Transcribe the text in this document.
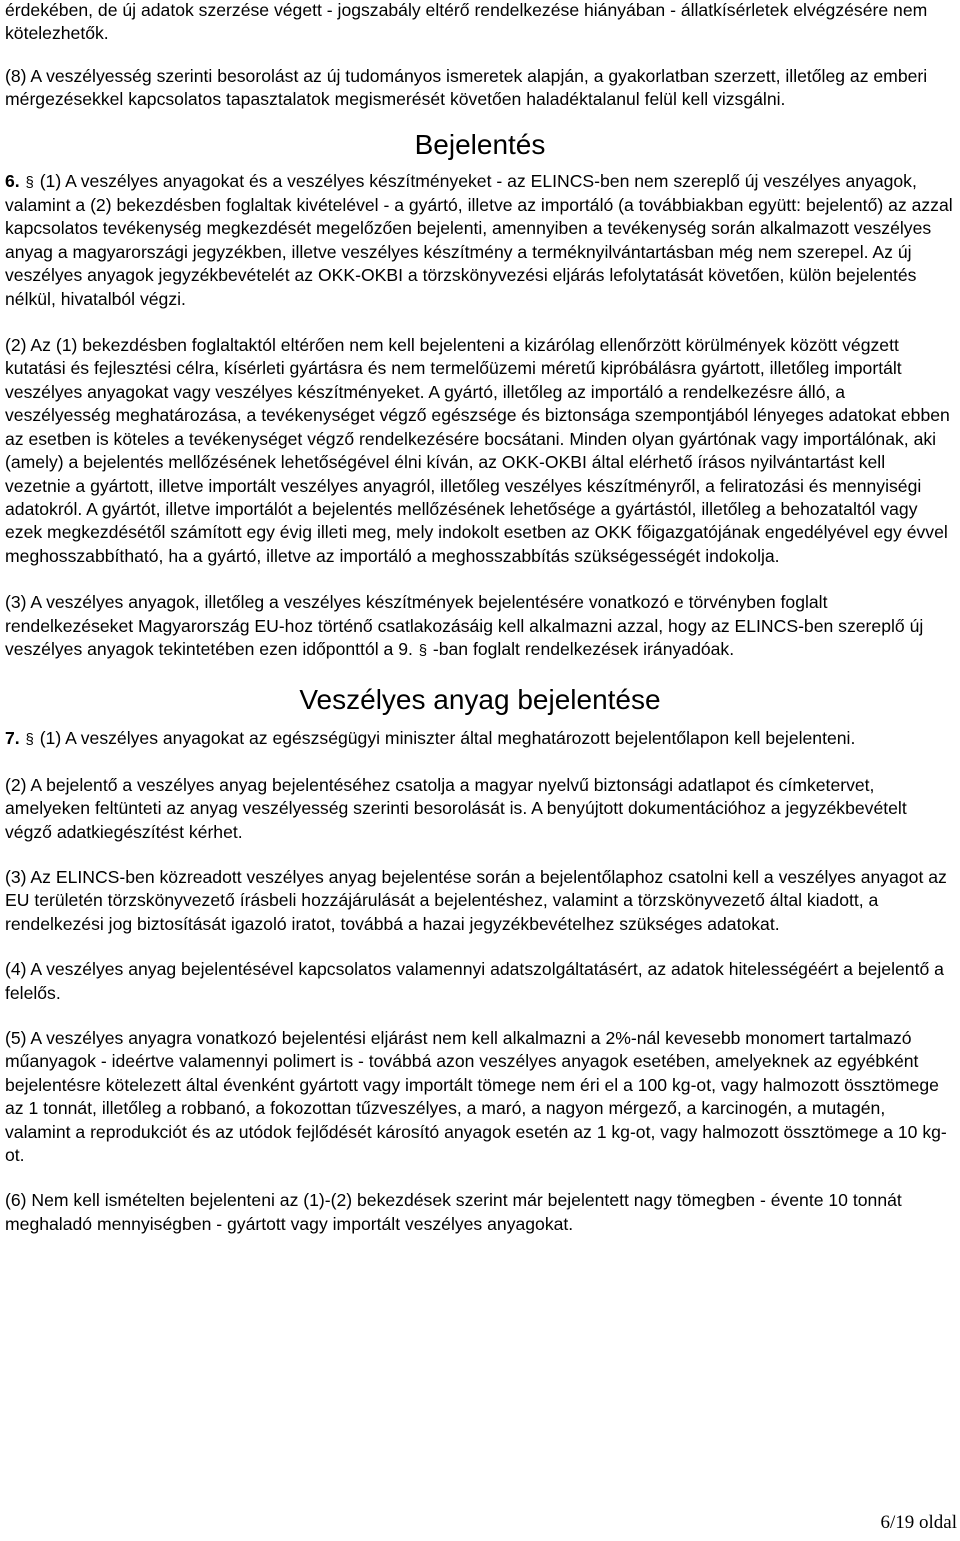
érdekében, de új adatok szerzése végett - jogszabály eltérő rendelkezése hiányában - állatkísérletek elvégzésére nem kötelezhetők.

(8) A veszélyesség szerinti besorolást az új tudományos ismeretek alapján, a gyakorlatban szerzett, illetőleg az emberi mérgezésekkel kapcsolatos tapasztalatok megismerését követően haladéktalanul felül kell vizsgálni.

Bejelentés

6. § (1) A veszélyes anyagokat és a veszélyes készítményeket - az ELINCS-ben nem szereplő új veszélyes anyagok, valamint a (2) bekezdésben foglaltak kivételével - a gyártó, illetve az importáló (a továbbiakban együtt: bejelentő) az azzal kapcsolatos tevékenység megkezdését megelőzően bejelenti, amennyiben a tevékenység során alkalmazott veszélyes anyag a magyarországi jegyzékben, illetve veszélyes készítmény a terméknyilvántartásban még nem szerepel. Az új veszélyes anyagok jegyzékbevételét az OKK-OKBI a törzskönyvezési eljárás lefolytatását követően, külön bejelentés nélkül, hivatalból végzi.

(2) Az (1) bekezdésben foglaltaktól eltérően nem kell bejelenteni a kizárólag ellenőrzött körülmények között végzett kutatási és fejlesztési célra, kísérleti gyártásra és nem termelőüzemi méretű kipróbálásra gyártott, illetőleg importált veszélyes anyagokat vagy veszélyes készítményeket. A gyártó, illetőleg az importáló a rendelkezésre álló, a veszélyesség meghatározása, a tevékenységet végző egészsége és biztonsága szempontjából lényeges adatokat ebben az esetben is köteles a tevékenységet végző rendelkezésére bocsátani. Minden olyan gyártónak vagy importálónak, aki (amely) a bejelentés mellőzésének lehetőségével élni kíván, az OKK-OKBI által elérhető írásos nyilvántartást kell vezetnie a gyártott, illetve importált veszélyes anyagról, illetőleg veszélyes készítményről, a feliratozási és mennyiségi adatokról. A gyártót, illetve importálót a bejelentés mellőzésének lehetősége a gyártástól, illetőleg a behozataltól vagy ezek megkezdésétől számított egy évig illeti meg, mely indokolt esetben az OKK főigazgatójának engedélyével egy évvel meghosszabbítható, ha a gyártó, illetve az importáló a meghosszabbítás szükségességét indokolja.

(3) A veszélyes anyagok, illetőleg a veszélyes készítmények bejelentésére vonatkozó e törvényben foglalt rendelkezéseket Magyarország EU-hoz történő csatlakozásáig kell alkalmazni azzal, hogy az ELINCS-ben szereplő új veszélyes anyagok tekintetében ezen időponttól a 9. § -ban foglalt rendelkezések irányadóak.

Veszélyes anyag bejelentése

7. § (1) A veszélyes anyagokat az egészségügyi miniszter által meghatározott bejelentőlapon kell bejelenteni.

(2) A bejelentő a veszélyes anyag bejelentéséhez csatolja a magyar nyelvű biztonsági adatlapot és címketervet, amelyeken feltünteti az anyag veszélyesség szerinti besorolását is. A benyújtott dokumentációhoz a jegyzékbevételt végző adatkiegészítést kérhet.

(3) Az ELINCS-ben közreadott veszélyes anyag bejelentése során a bejelentőlaphoz csatolni kell a veszélyes anyagot az EU területén törzskönyvezető írásbeli hozzájárulását a bejelentéshez, valamint a törzskönyvezető által kiadott, a rendelkezési jog biztosítását igazoló iratot, továbbá a hazai jegyzékbevételhez szükséges adatokat.

(4) A veszélyes anyag bejelentésével kapcsolatos valamennyi adatszolgáltatásért, az adatok hitelességéért a bejelentő a felelős.

(5) A veszélyes anyagra vonatkozó bejelentési eljárást nem kell alkalmazni a 2%-nál kevesebb monomert tartalmazó műanyagok - ideértve valamennyi polimert is - továbbá azon veszélyes anyagok esetében, amelyeknek az egyébként bejelentésre kötelezett által évenként gyártott vagy importált tömege nem éri el a 100 kg-ot, vagy halmozott össztömege az 1 tonnát, illetőleg a robbanó, a fokozottan tűzveszélyes, a maró, a nagyon mérgező, a karcinogén, a mutagén, valamint a reprodukciót és az utódok fejlődését károsító anyagok esetén az 1 kg-ot, vagy halmozott össztömege a 10 kg-ot.

(6) Nem kell ismételten bejelenteni az (1)-(2) bekezdések szerint már bejelentett nagy tömegben - évente 10 tonnát meghaladó mennyiségben - gyártott vagy importált veszélyes anyagokat.

6/19 oldal
